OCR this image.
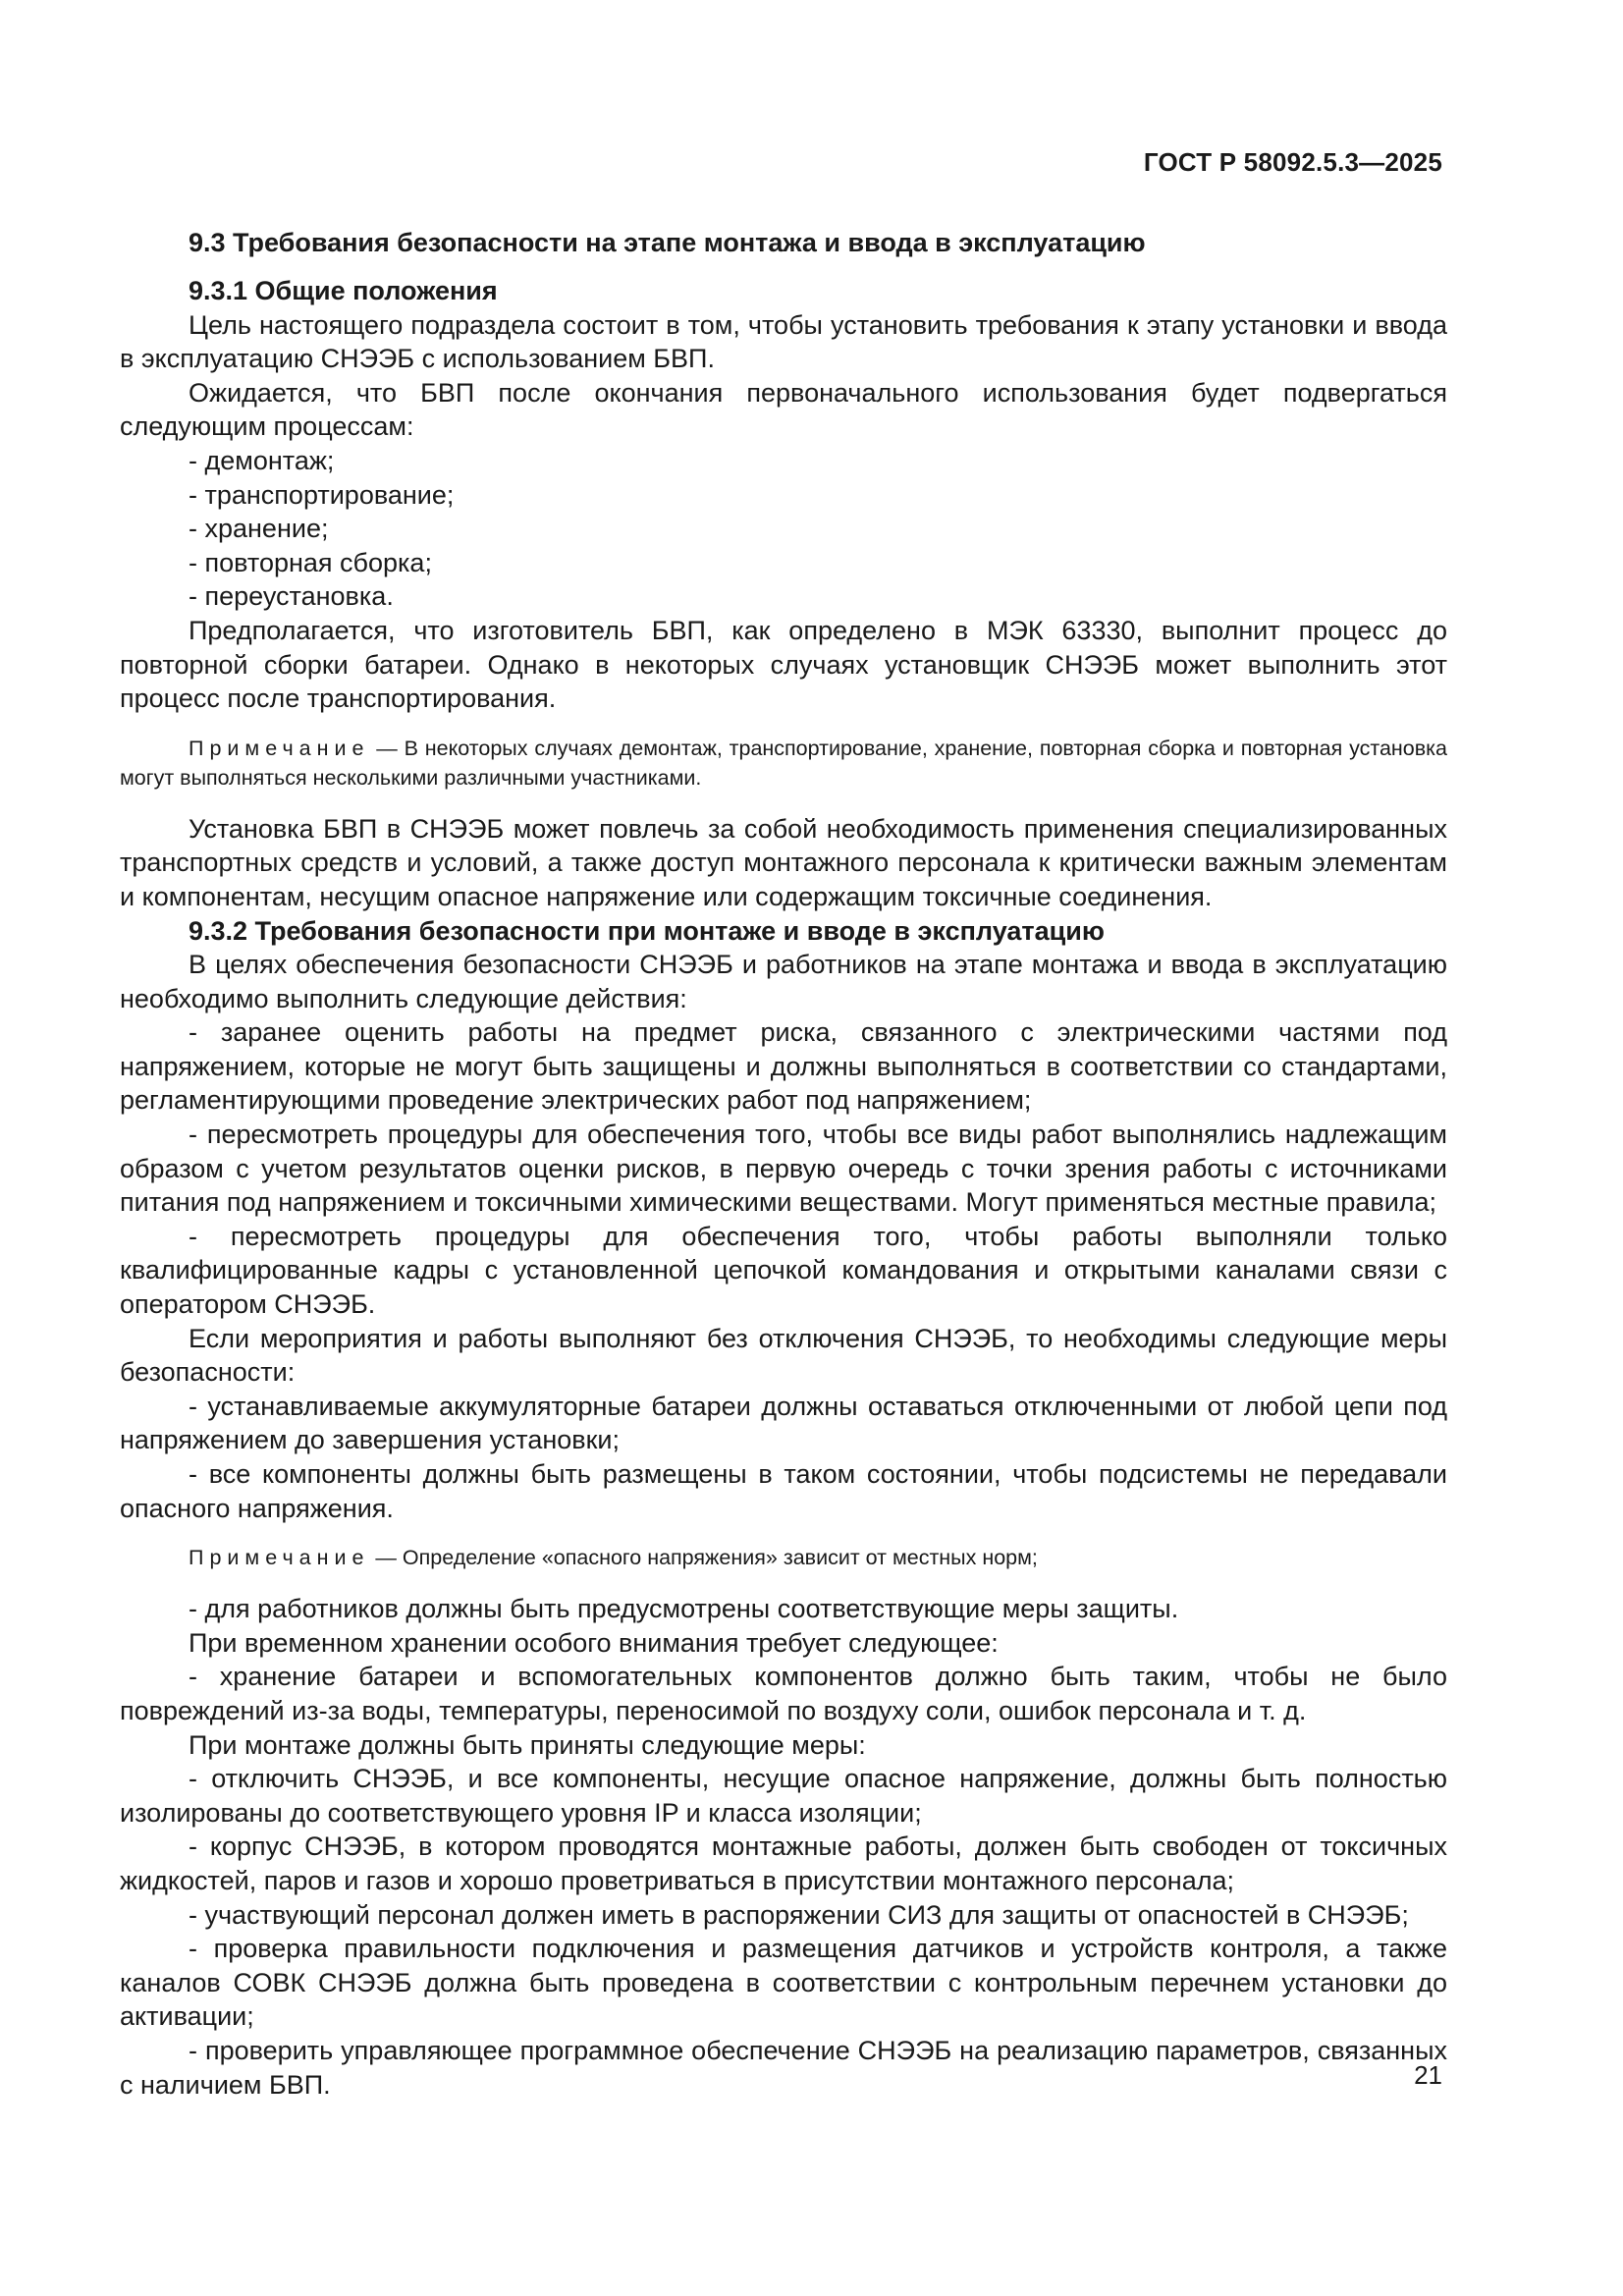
ГОСТ Р 58092.5.3—2025

9.3 Требования безопасности на этапе монтажа и ввода в эксплуатацию

9.3.1 Общие положения

Цель настоящего подраздела состоит в том, чтобы установить требования к этапу установки и ввода в эксплуатацию СНЭЭБ с использованием БВП.

Ожидается, что БВП после окончания первоначального использования будет подвергаться следующим процессам:

- демонтаж;

- транспортирование;

- хранение;

- повторная сборка;

- переустановка.

Предполагается, что изготовитель БВП, как определено в МЭК 63330, выполнит процесс до повторной сборки батареи. Однако в некоторых случаях установщик СНЭЭБ может выполнить этот процесс после транспортирования.

Примечание — В некоторых случаях демонтаж, транспортирование, хранение, повторная сборка и повторная установка могут выполняться несколькими различными участниками.

Установка БВП в СНЭЭБ может повлечь за собой необходимость применения специализированных транспортных средств и условий, а также доступ монтажного персонала к критически важным элементам и компонентам, несущим опасное напряжение или содержащим токсичные соединения.

9.3.2 Требования безопасности при монтаже и вводе в эксплуатацию

В целях обеспечения безопасности СНЭЭБ и работников на этапе монтажа и ввода в эксплуатацию необходимо выполнить следующие действия:

- заранее оценить работы на предмет риска, связанного с электрическими частями под напряжением, которые не могут быть защищены и должны выполняться в соответствии со стандартами, регламентирующими проведение электрических работ под напряжением;

- пересмотреть процедуры для обеспечения того, чтобы все виды работ выполнялись надлежащим образом с учетом результатов оценки рисков, в первую очередь с точки зрения работы с источниками питания под напряжением и токсичными химическими веществами. Могут применяться местные правила;

- пересмотреть процедуры для обеспечения того, чтобы работы выполняли только квалифицированные кадры с установленной цепочкой командования и открытыми каналами связи с оператором СНЭЭБ.

Если мероприятия и работы выполняют без отключения СНЭЭБ, то необходимы следующие меры безопасности:

- устанавливаемые аккумуляторные батареи должны оставаться отключенными от любой цепи под напряжением до завершения установки;

- все компоненты должны быть размещены в таком состоянии, чтобы подсистемы не передавали опасного напряжения.

Примечание — Определение «опасного напряжения» зависит от местных норм;

- для работников должны быть предусмотрены соответствующие меры защиты.

При временном хранении особого внимания требует следующее:

- хранение батареи и вспомогательных компонентов должно быть таким, чтобы не было повреждений из-за воды, температуры, переносимой по воздуху соли, ошибок персонала и т. д.

При монтаже должны быть приняты следующие меры:

- отключить СНЭЭБ, и все компоненты, несущие опасное напряжение, должны быть полностью изолированы до соответствующего уровня IP и класса изоляции;

- корпус СНЭЭБ, в котором проводятся монтажные работы, должен быть свободен от токсичных жидкостей, паров и газов и хорошо проветриваться в присутствии монтажного персонала;

- участвующий персонал должен иметь в распоряжении СИЗ для защиты от опасностей в СНЭЭБ;

- проверка правильности подключения и размещения датчиков и устройств контроля, а также каналов СОВК СНЭЭБ должна быть проведена в соответствии с контрольным перечнем установки до активации;

- проверить управляющее программное обеспечение СНЭЭБ на реализацию параметров, связанных с наличием БВП.	21
